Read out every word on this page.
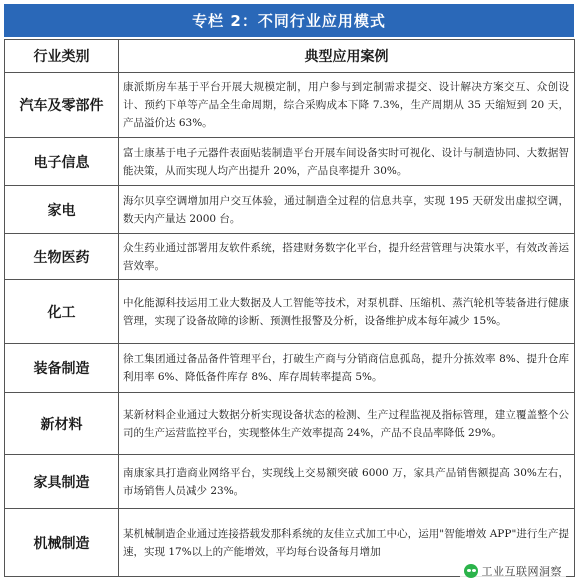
专栏 2：不同行业应用模式
行业类别	典型应用案例
汽车及零部件	康派斯房车基于平台开展大规模定制，用户参与到定制需求提交、设计解决方案交互、众创设计、预约下单等产品全生命周期，综合采购成本下降 7.3%，生产周期从 35 天缩短到 20 天，产品溢价达 63%。
电子信息	富士康基于电子元器件表面贴装制造平台开展车间设备实时可视化、设计与制造协同、大数据智能决策，从而实现人均产出提升 20%，产品良率提升 30%。
家电	海尔贝享空调增加用户交互体验，通过制造全过程的信息共享，实现 195 天研发出虚拟空调，数天内产量达 2000 台。
生物医药	众生药业通过部署用友软件系统，搭建财务数字化平台，提升经营管理与决策水平，有效改善运营效率。
化工	中化能源科技运用工业大数据及人工智能等技术，对泵机群、压缩机、蒸汽轮机等装备进行健康管理，实现了设备故障的诊断、预测性报警及分析，设备维护成本每年减少 15%。
装备制造	徐工集团通过备品备件管理平台，打破生产商与分销商信息孤岛，提升分拣效率 8%、提升仓库利用率 6%、降低备件库存 8%、库存周转率提高 5%。
新材料	某新材料企业通过大数据分析实现设备状态的检测、生产过程监视及指标管理，建立覆盖整个公司的生产运营监控平台，实现整体生产效率提高 24%，产品不良品率降低 29%。
家具制造	南康家具打造商业网络平台，实现线上交易额突破 6000 万，家具产品销售额提高 30%左右，市场销售人员减少 23%。
机械制造	某机械制造企业通过连接搭载发那科系统的友佳立式加工中心，运用"智能增效 APP"进行生产提速，实现 17%以上的产能增效，平均每台设备每月增加
工业互联网洞察
